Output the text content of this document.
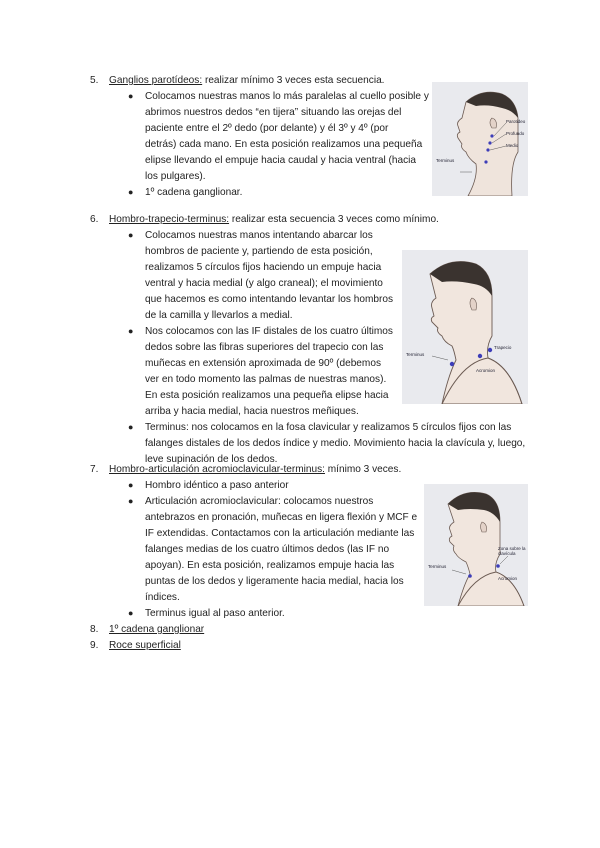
5. Ganglios parotídeos: realizar mínimo 3 veces esta secuencia.
● Colocamos nuestras manos lo más paralelas al cuello posible y
abrimos nuestros dedos “en tijera” situando las orejas del
paciente entre el 2º dedo (por delante) y él 3º y 4º (por
detrás) cada mano. En esta posición realizamos una pequeña
elipse llevando el empuje hacia caudal y hacia ventral (hacia
los pulgares).
● 1º cadena ganglionar.
6. Hombro-trapecio-terminus: realizar esta secuencia 3 veces como mínimo.
● Colocamos nuestras manos intentando abarcar los
hombros de paciente y, partiendo de esta posición,
realizamos 5 círculos fijos haciendo un empuje hacia
ventral y hacia medial (y algo craneal); el movimiento
que hacemos es como intentando levantar los hombros
de la camilla y llevarlos a medial.
● Nos colocamos con las IF distales de los cuatro últimos
dedos sobre las fibras superiores del trapecio con las
muñecas en extensión aproximada de 90º (debemos
ver en todo momento las palmas de nuestras manos).
En esta posición realizamos una pequeña elipse hacia
arriba y hacia medial, hacia nuestros meñiques.
● Terminus: nos colocamos en la fosa clavicular y realizamos 5 círculos fijos con las
falanges distales de los dedos índice y medio. Movimiento hacia la clavícula y, luego,
leve supinación de los dedos.
7. Hombro-articulación acromioclavicular-terminus: mínimo 3 veces.
● Hombro idéntico a paso anterior
● Articulación acromioclavicular: colocamos nuestros
antebrazos en pronación, muñecas en ligera flexión y MCF e
IF extendidas. Contactamos con la articulación mediante las
falanges medias de los cuatro últimos dedos (las IF no
apoyan). En esta posición, realizamos empuje hacia las
puntas de los dedos y ligeramente hacia medial, hacia los
índices.
● Terminus igual al paso anterior.
8. 1º cadena ganglionar
9. Roce superficial
Parotideo
Profundo
Medio
Terminus
Trapecio
Terminus
Acromion
Zona sobre la
clavícula
Terminus
Acromion
